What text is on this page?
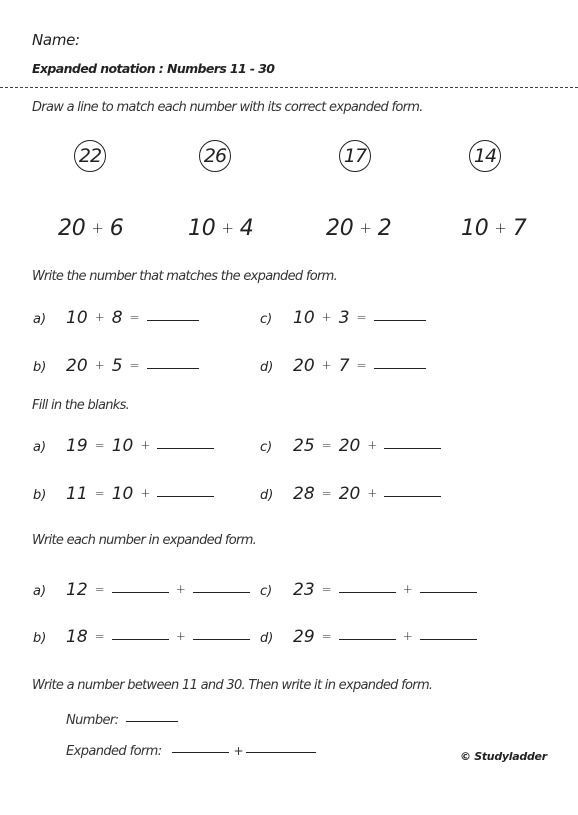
Name:
Expanded notation : Numbers 11 - 30
Draw a line to match each number with its correct expanded form.
22	26	17	14
20 + 6	10 + 4	20 + 2	10 + 7
Write the number that matches the expanded form.
a)	10 + 8 =
b)	20 + 5 =
c)	10 + 3 =
d)	20 + 7 =
Fill in the blanks.
a)	19 = 10 +
b)	11 = 10 +
c)	25 = 20 +
d)	28 = 20 +
Write each number in expanded form.
a)	12 =	+
b)	18 =	+
c)	23 =	+
d)	29 =	+
Write a number between 11 and 30. Then write it in expanded form.
Number:
Expanded form:	+	© Studyladder
